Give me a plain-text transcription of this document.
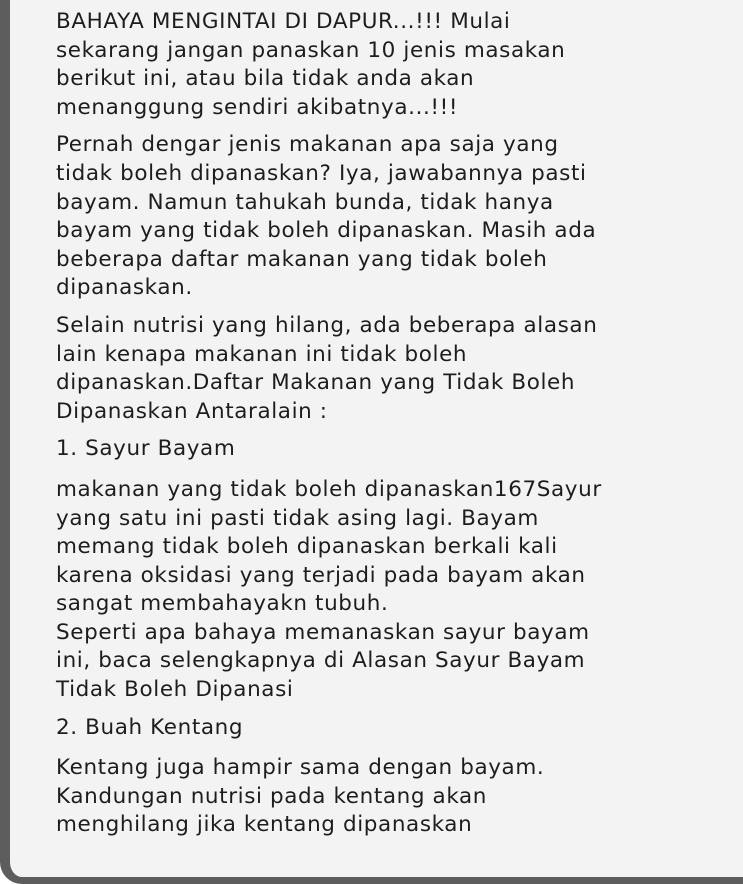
BAHAYA MENGINTAI DI DAPUR...!!! Mulai
sekarang jangan panaskan 10 jenis masakan
berikut ini, atau bila tidak anda akan
menanggung sendiri akibatnya...!!!
Pernah dengar jenis makanan apa saja yang
tidak boleh dipanaskan? Iya, jawabannya pasti
bayam. Namun tahukah bunda, tidak hanya
bayam yang tidak boleh dipanaskan. Masih ada
beberapa daftar makanan yang tidak boleh
dipanaskan.
Selain nutrisi yang hilang, ada beberapa alasan
lain kenapa makanan ini tidak boleh
dipanaskan.Daftar Makanan yang Tidak Boleh
Dipanaskan Antaralain :
1. Sayur Bayam
makanan yang tidak boleh dipanaskan167Sayur
yang satu ini pasti tidak asing lagi. Bayam
memang tidak boleh dipanaskan berkali kali
karena oksidasi yang terjadi pada bayam akan
sangat membahayakn tubuh.
Seperti apa bahaya memanaskan sayur bayam
ini, baca selengkapnya di Alasan Sayur Bayam
Tidak Boleh Dipanasi
2. Buah Kentang
Kentang juga hampir sama dengan bayam.
Kandungan nutrisi pada kentang akan
menghilang jika kentang dipanaskan
